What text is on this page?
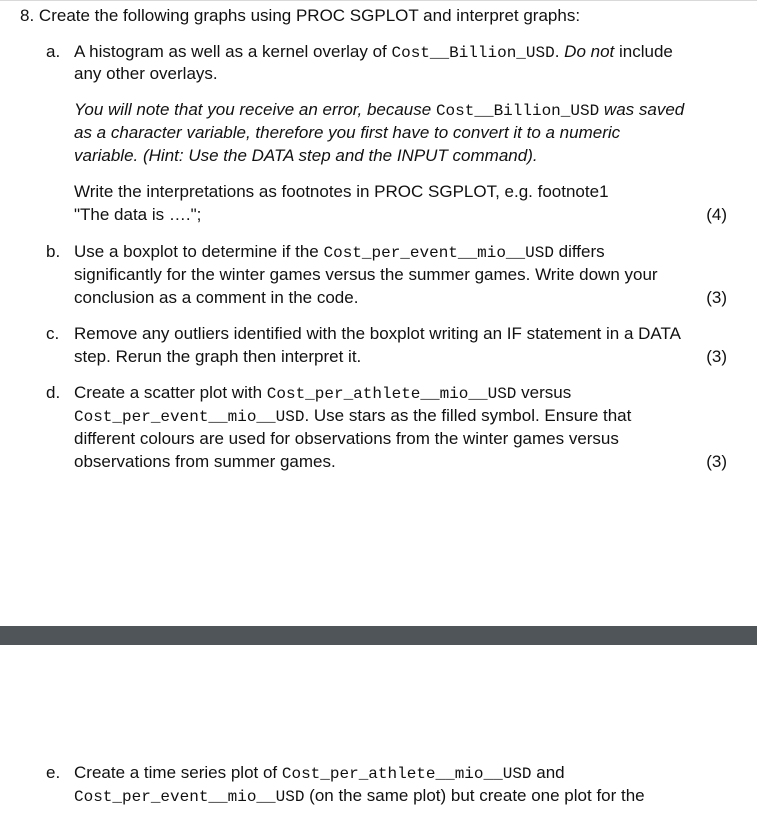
8. Create the following graphs using PROC SGPLOT and interpret graphs:
a. A histogram as well as a kernel overlay of Cost__Billion_USD. Do not include
any other overlays.
You will note that you receive an error, because Cost__Billion_USD was saved
as a character variable, therefore you first have to convert it to a numeric
variable. (Hint: Use the DATA step and the INPUT command).
Write the interpretations as footnotes in PROC SGPLOT, e.g. footnote1
"The data is ….";	(4)
b. Use a boxplot to determine if the Cost_per_event__mio__USD differs
significantly for the winter games versus the summer games. Write down your
conclusion as a comment in the code.	(3)
c. Remove any outliers identified with the boxplot writing an IF statement in a DATA
step. Rerun the graph then interpret it.	(3)
d. Create a scatter plot with Cost_per_athlete__mio__USD versus
Cost_per_event__mio__USD. Use stars as the filled symbol. Ensure that
different colours are used for observations from the winter games versus
observations from summer games.	(3)
e. Create a time series plot of Cost_per_athlete__mio__USD and
Cost_per_event__mio__USD (on the same plot) but create one plot for the
